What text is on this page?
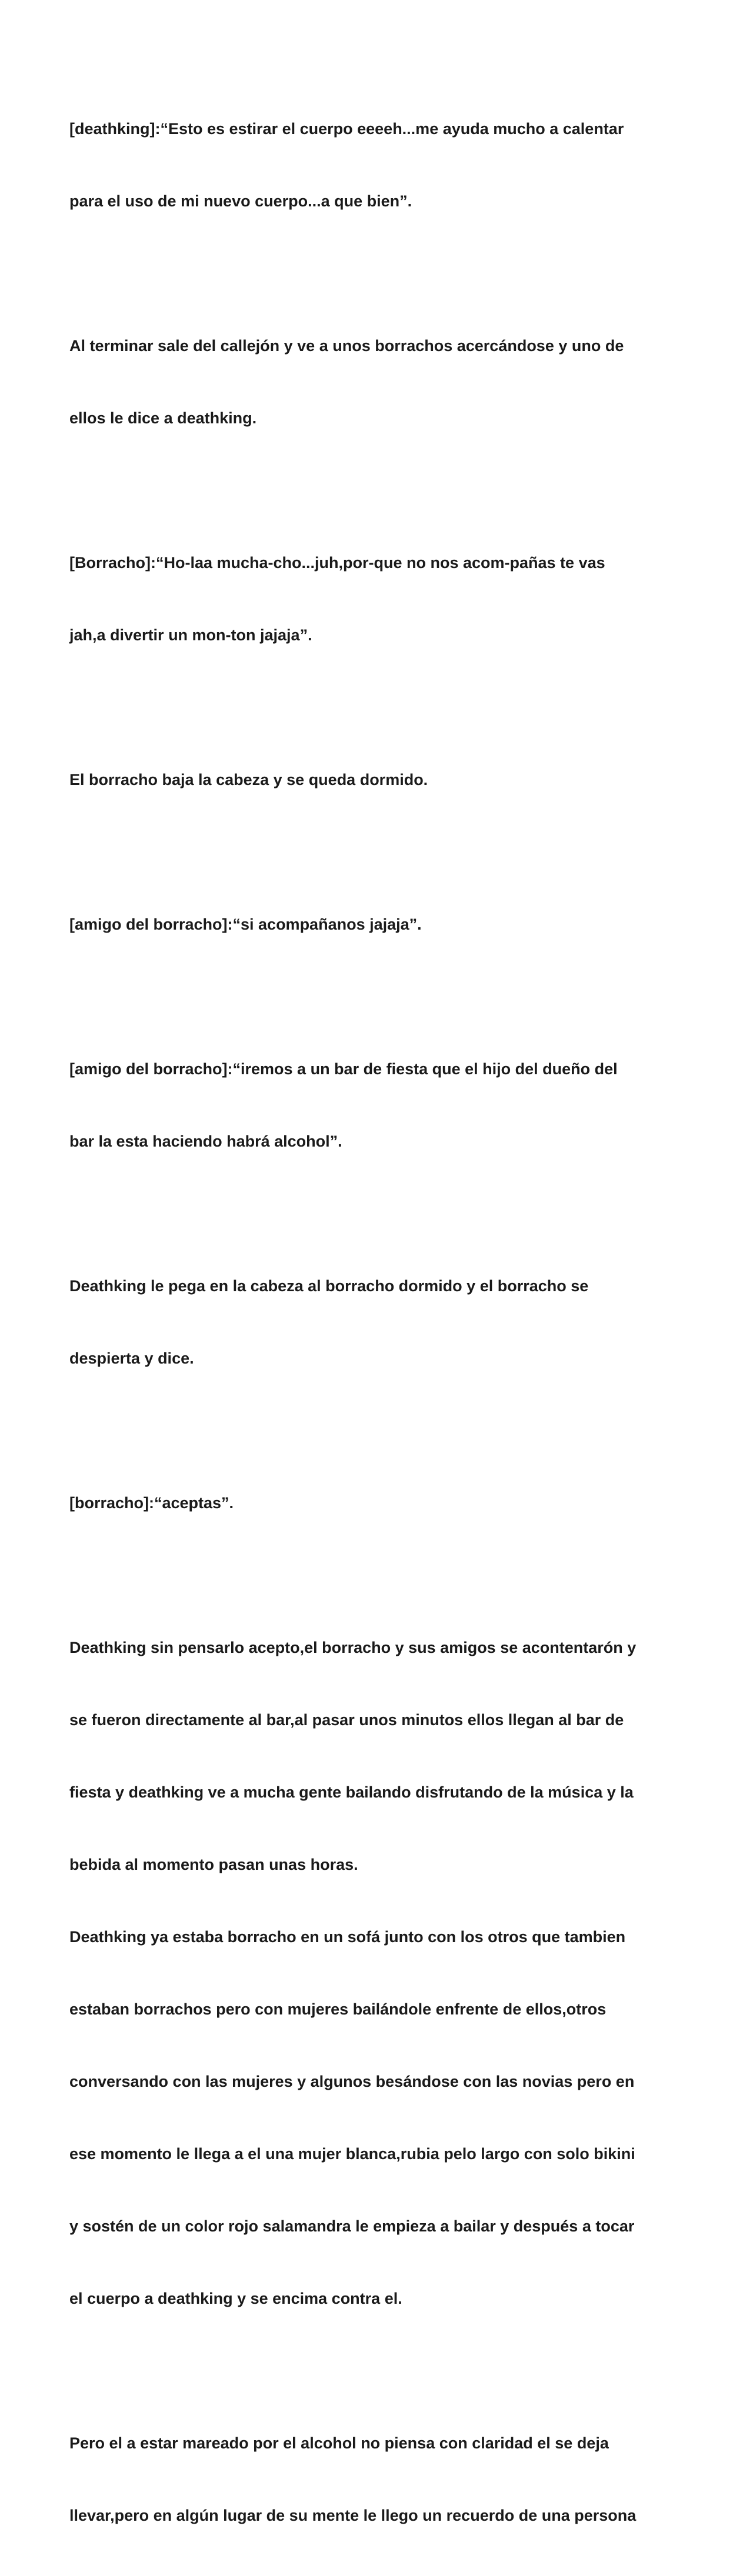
[deathking]:“Esto es estirar el cuerpo eeeeh...me ayuda mucho a calentar

para el uso de mi nuevo cuerpo...a que bien”.

Al terminar sale del callejón y ve a unos borrachos acercándose y uno de

ellos le dice a deathking.

[Borracho]:“Ho-laa mucha-cho...juh,por-que no nos acom-pañas te vas

jah,a divertir un mon-ton jajaja”.

El borracho baja la cabeza y se queda dormido.

[amigo del borracho]:“si acompañanos jajaja”.

[amigo del borracho]:“iremos a un bar de fiesta que el hijo del dueño del

bar la esta haciendo habrá alcohol”.

Deathking le pega en la cabeza al borracho dormido y el borracho se

despierta y dice.

[borracho]:“aceptas”.

Deathking sin pensarlo acepto,el borracho y sus amigos se acontentarón y

se fueron directamente al bar,al pasar unos minutos ellos llegan al bar de

fiesta y deathking ve a mucha gente bailando disfrutando de la música y la

bebida al momento pasan unas horas.

Deathking ya estaba borracho en un sofá junto con los otros que tambien

estaban borrachos pero con mujeres bailándole enfrente de ellos,otros

conversando con las mujeres y algunos besándose con las novias pero en

ese momento le llega a el una mujer blanca,rubia pelo largo con solo bikini

y sostén de un color rojo salamandra le empieza a bailar y después a tocar

el cuerpo a deathking y se encima contra el.

Pero el a estar mareado por el alcohol no piensa con claridad el se deja

llevar,pero en algún lugar de su mente le llego un recuerdo de una persona
